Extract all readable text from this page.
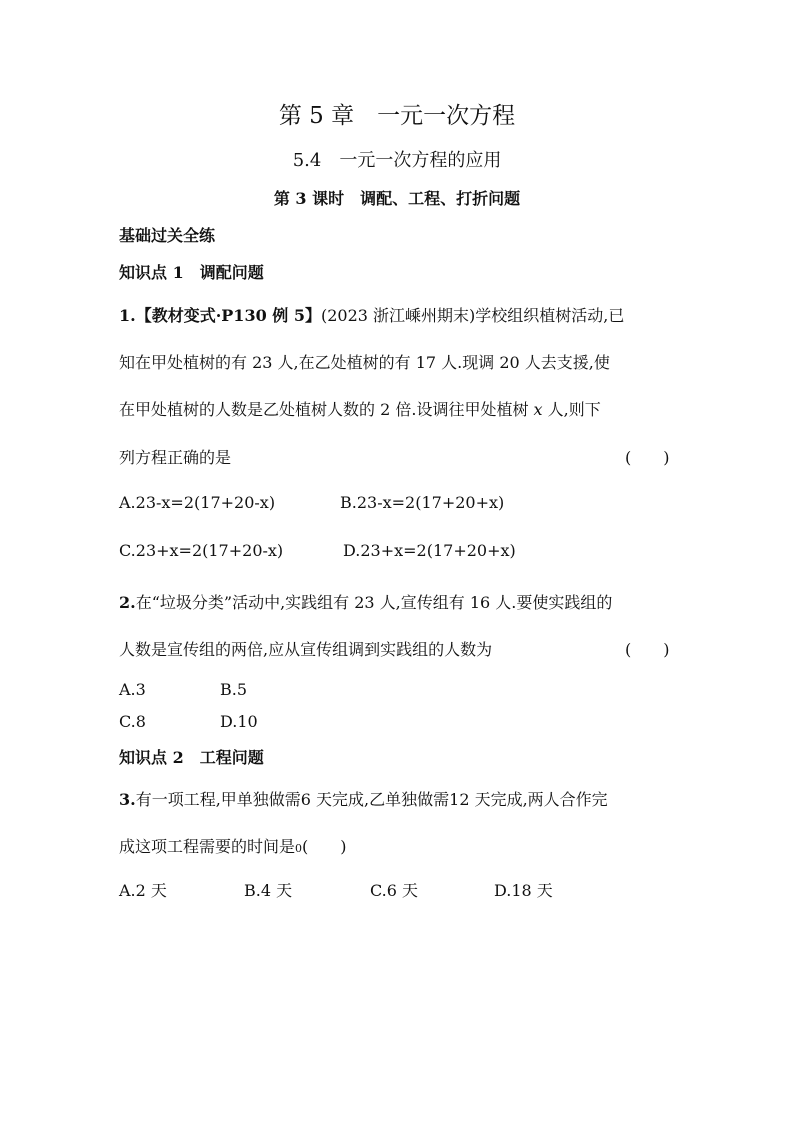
第 5 章　一元一次方程
5.4　一元一次方程的应用
第 3 课时　调配、工程、打折问题
基础过关全练
知识点 1　调配问题
1.【教材变式·P130 例 5】(2023 浙江嵊州期末)学校组织植树活动,已
知在甲处植树的有 23 人,在乙处植树的有 17 人.现调 20 人去支援,使
在甲处植树的人数是乙处植树人数的 2 倍.设调往甲处植树 x 人,则下
列方程正确的是	(　　)
A.23-x=2(17+20-x)	B.23-x=2(17+20+x)
C.23+x=2(17+20-x)	D.23+x=2(17+20+x)
2.在“垃圾分类”活动中,实践组有 23 人,宣传组有 16 人.要使实践组的
人数是宣传组的两倍,应从宣传组调到实践组的人数为	(　　)
A.3	B.5
C.8	D.10
知识点 2　工程问题
3.有一项工程,甲单独做需6 天完成,乙单独做需12 天完成,两人合作完
成这项工程需要的时间是0(　　)
A.2 天	B.4 天	C.6 天	D.18 天
